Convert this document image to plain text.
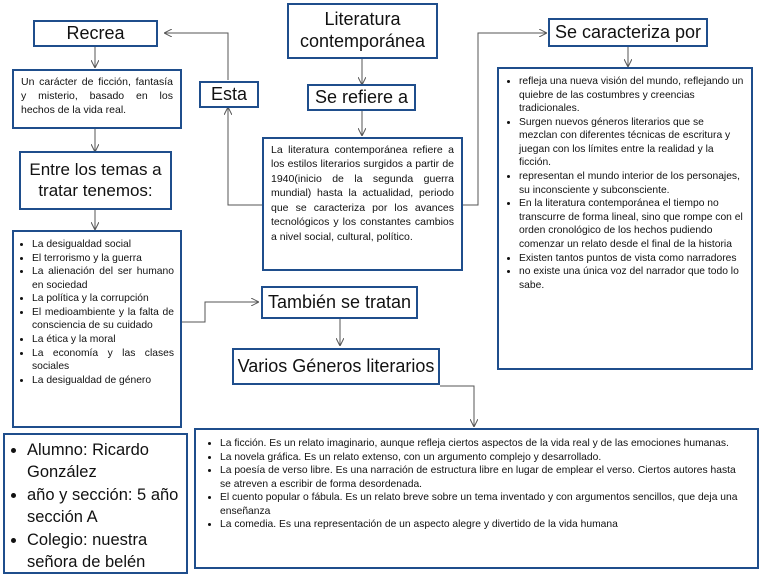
Recrea
Literatura contemporánea	Se caracteriza por
Un carácter de ficción, fantasía y misterio, basado en los hechos de la vida real.
Esta	Se refiere a
La literatura contemporánea refiere a los estilos literarios surgidos a partir de 1940(inicio de la segunda guerra mundial) hasta la actualidad, periodo que se caracteriza por los avances tecnológicos y los constantes cambios a nivel social, cultural, político.
Entre los temas a tratar tenemos:
• La desigualdad social
• El terrorismo y la guerra
• La alienación del ser humano en sociedad
• La política y la corrupción
• El medioambiente y la falta de consciencia de su cuidado
• La ética y la moral
• La economía y las clases sociales
• La desigualdad de género
• refleja una nueva visión del mundo, reflejando un quiebre de las costumbres y creencias tradicionales.
• Surgen nuevos géneros literarios que se mezclan con diferentes técnicas de escritura y juegan con los límites entre la realidad y la ficción.
• representan el mundo interior de los personajes, su inconsciente y subconsciente.
• En la literatura contemporánea el tiempo no transcurre de forma lineal, sino que rompe con el orden cronológico de los hechos pudiendo comenzar un relato desde el final de la historia
• Existen tantos puntos de vista como narradores
• no existe una única voz del narrador que todo lo sabe.
También se tratan
Varios Géneros literarios
• Alumno: Ricardo González
• año y sección: 5 año sección A
• Colegio: nuestra señora de belén
• La ficción. Es un relato imaginario, aunque refleja ciertos aspectos de la vida real y de las emociones humanas.
• La novela gráfica. Es un relato extenso, con un argumento complejo y desarrollado.
• La poesía de verso libre. Es una narración de estructura libre en lugar de emplear el verso. Ciertos autores hasta se atreven a escribir de forma desordenada.
• El cuento popular o fábula. Es un relato breve sobre un tema inventado y con argumentos sencillos, que deja una enseñanza
• La comedia. Es una representación de un aspecto alegre y divertido de la vida humana
